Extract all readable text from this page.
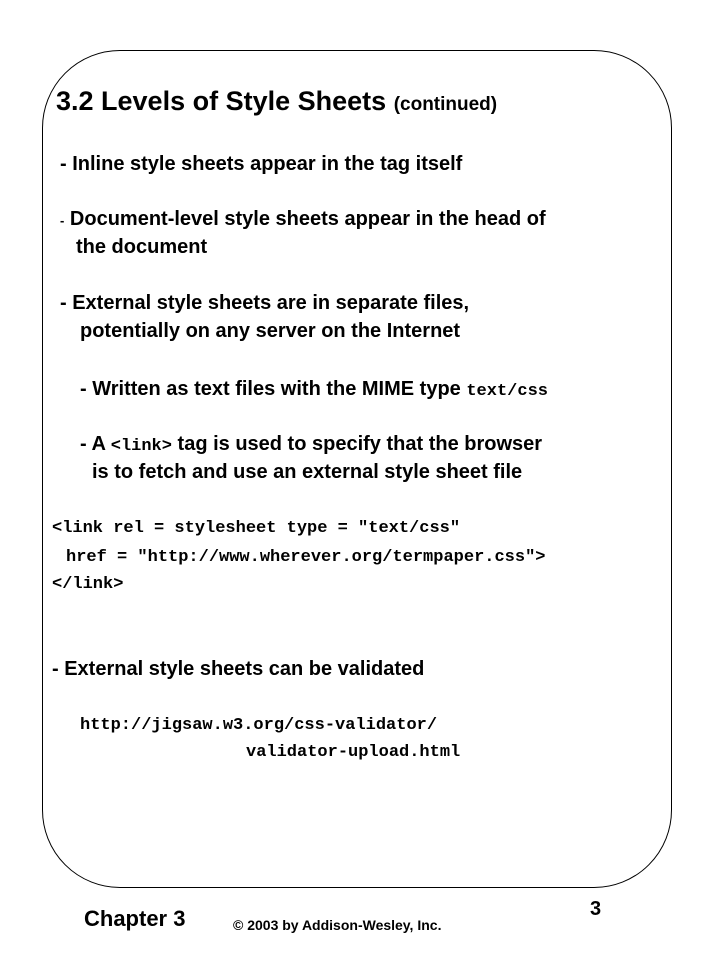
3.2 Levels of Style Sheets (continued)
- Inline style sheets appear in the tag itself
- Document-level style sheets appear in the head of
the document
- External style sheets are in separate files,
potentially on any server on the Internet
- Written as text files with the MIME type text/css
- A <link> tag is used to specify that the browser
is to fetch and use an external style sheet file
<link rel = stylesheet type = "text/css"
href = "http://www.wherever.org/termpaper.css">
</link>
- External style sheets can be validated
http://jigsaw.w3.org/css-validator/
validator-upload.html
Chapter 3	© 2003 by Addison-Wesley, Inc.
3
